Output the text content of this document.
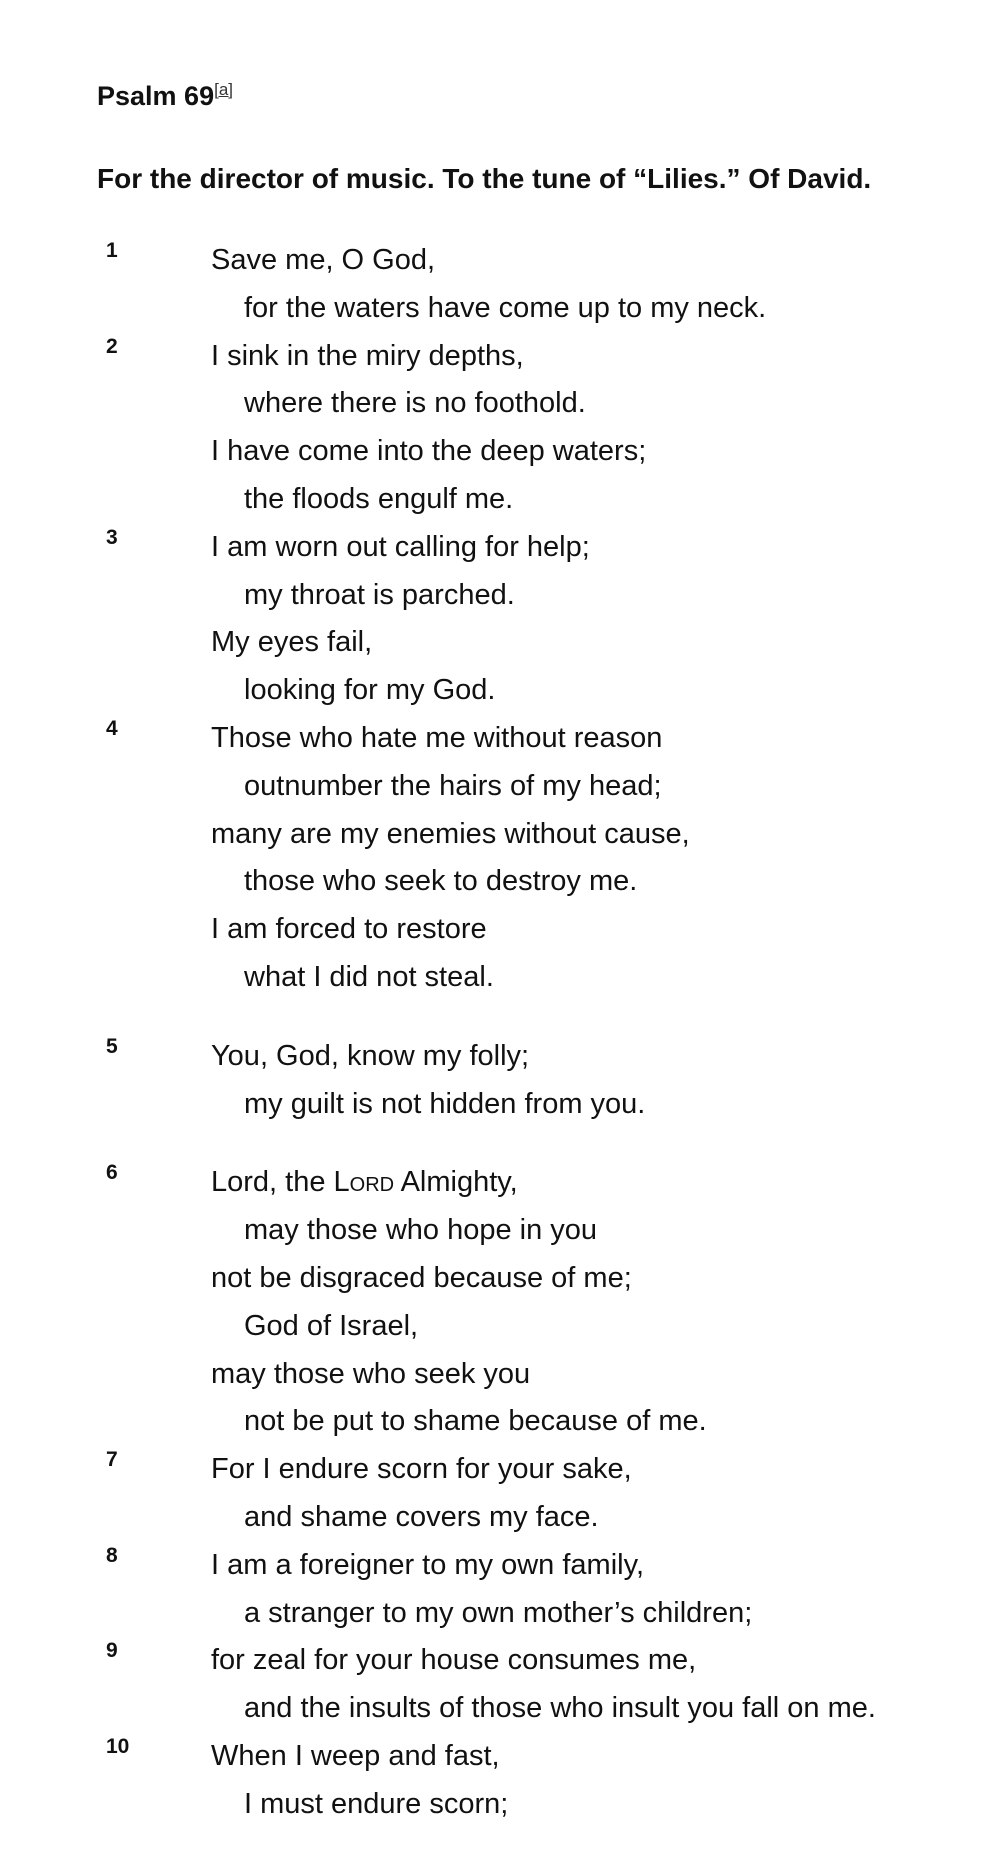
Psalm 69[a]
For the director of music. To the tune of “Lilies.” Of David.
1	Save me, O God,
for the waters have come up to my neck.
2	I sink in the miry depths,
where there is no foothold.
I have come into the deep waters;
the floods engulf me.
3	I am worn out calling for help;
my throat is parched.
My eyes fail,
looking for my God.
4	Those who hate me without reason
outnumber the hairs of my head;
many are my enemies without cause,
those who seek to destroy me.
I am forced to restore
what I did not steal.
5	You, God, know my folly;
my guilt is not hidden from you.
6	Lord, the Lord Almighty,
may those who hope in you
not be disgraced because of me;
God of Israel,
may those who seek you
not be put to shame because of me.
7	For I endure scorn for your sake,
and shame covers my face.
8	I am a foreigner to my own family,
a stranger to my own mother’s children;
9	for zeal for your house consumes me,
and the insults of those who insult you fall on me.
10	When I weep and fast,
I must endure scorn;
